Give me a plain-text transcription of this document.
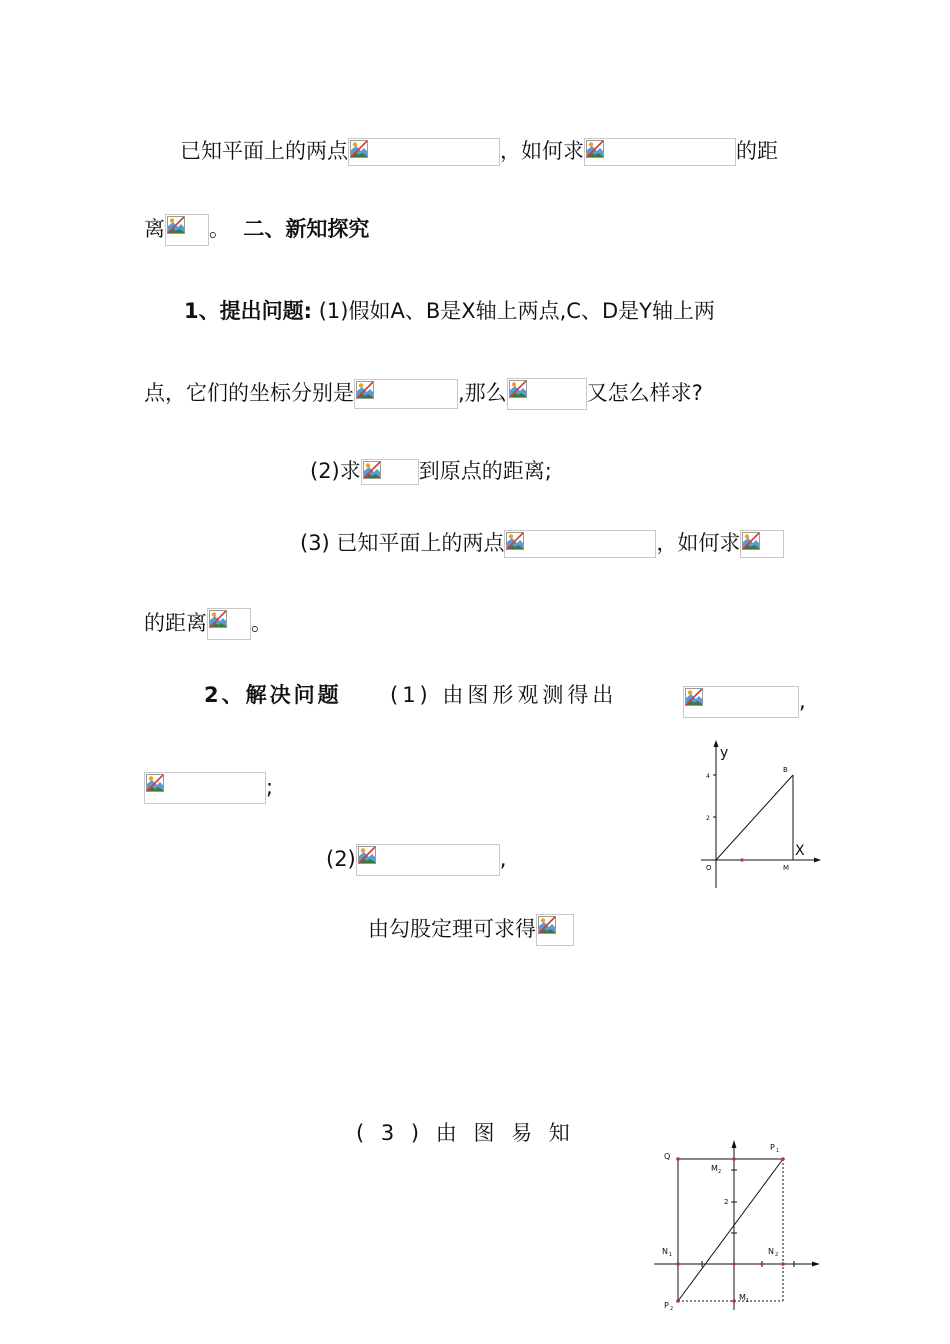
已知平面上的两点	，如何求	的距
离 。 二、新知探究
1、提出问题: (1)假如A、B是X轴上两点,C、D是Y轴上两
点，它们的坐标分别是	,那么	又怎么样求?
(2)求	到原点的距离;
(3) 已知平面上的两点	，如何求
的距离 。
2、解决问题 (1) 由图形观测得出	,
;
(2)	,
由勾股定理可求得
( 3 ) 由 图 易 知
y
X
B
O	M
4
2
Q
P 1
M 2
2
N 1	N 2
P 2
M 1
